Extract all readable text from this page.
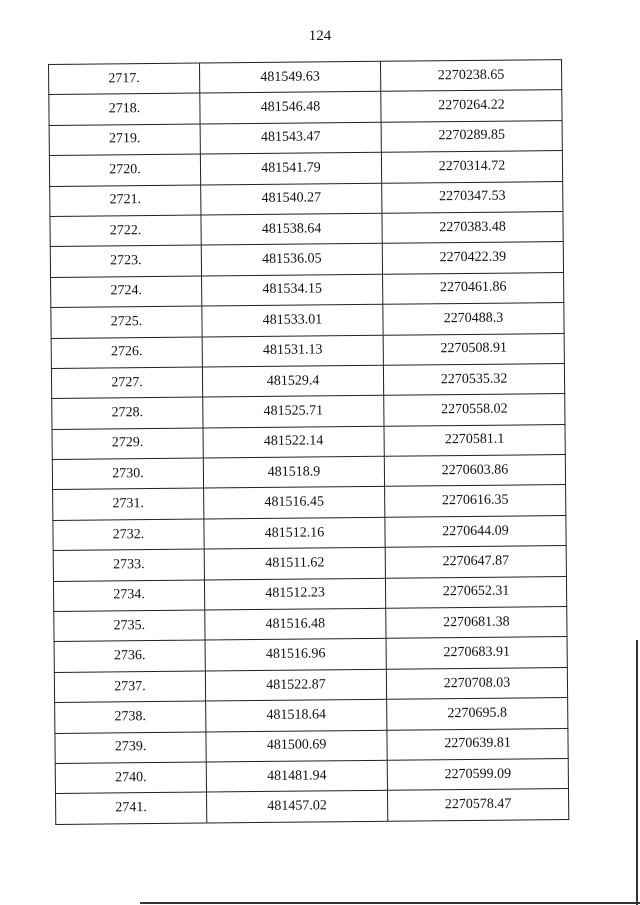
124
2717.	481549.63	2270238.65
2718.	481546.48	2270264.22
2719.	481543.47	2270289.85
2720.	481541.79	2270314.72
2721.	481540.27	2270347.53
2722.	481538.64	2270383.48
2723.	481536.05	2270422.39
2724.	481534.15	2270461.86
2725.	481533.01	2270488.3
2726.	481531.13	2270508.91
2727.	481529.4	2270535.32
2728.	481525.71	2270558.02
2729.	481522.14	2270581.1
2730.	481518.9	2270603.86
2731.	481516.45	2270616.35
2732.	481512.16	2270644.09
2733.	481511.62	2270647.87
2734.	481512.23	2270652.31
2735.	481516.48	2270681.38
2736.	481516.96	2270683.91
2737.	481522.87	2270708.03
2738.	481518.64	2270695.8
2739.	481500.69	2270639.81
2740.	481481.94	2270599.09
2741.	481457.02	2270578.47
